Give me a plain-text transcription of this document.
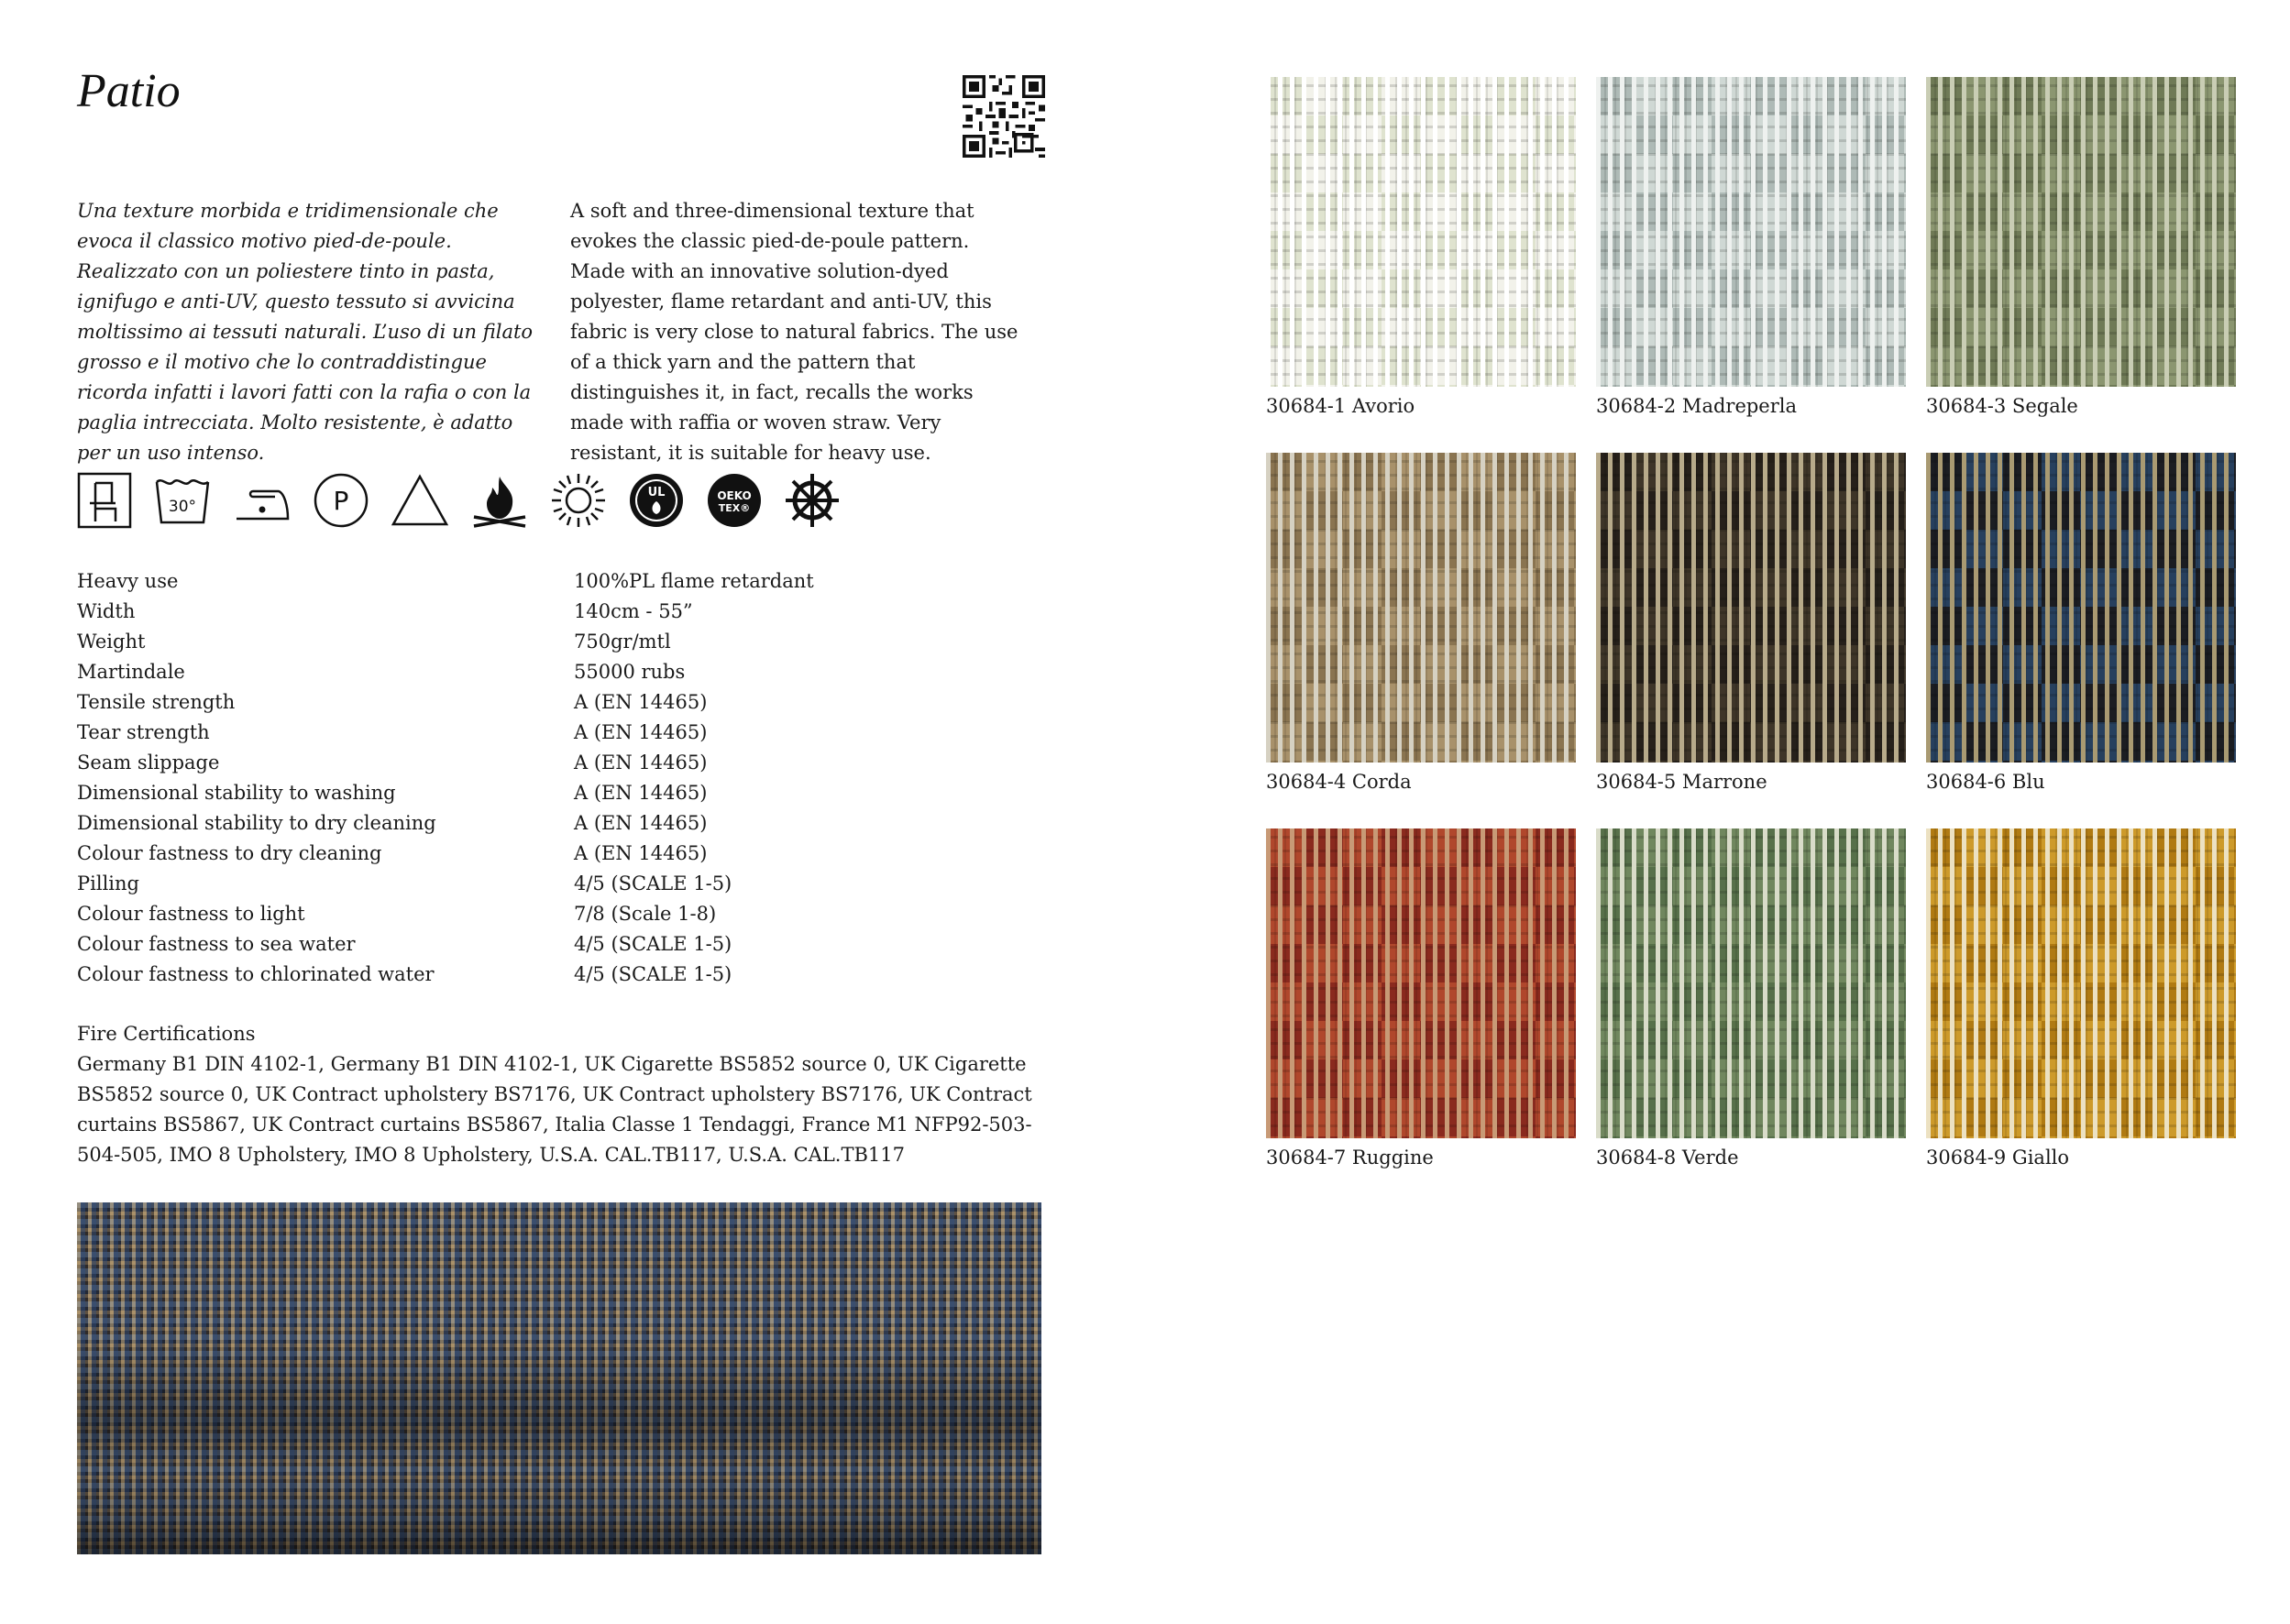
Patio

Una texture morbida e tridimensionale che evoca il classico motivo pied-de-poule. Realizzato con un poliestere tinto in pasta, ignifugo e anti-UV, questo tessuto si avvicina moltissimo ai tessuti naturali. L’uso di un filato grosso e il motivo che lo contraddistingue ricorda infatti i lavori fatti con la rafia o con la paglia intrecciata. Molto resistente, è adatto per un uso intenso.

A soft and three-dimensional texture that evokes the classic pied-de-poule pattern. Made with an innovative solution-dyed polyester, flame retardant and anti-UV, this fabric is very close to natural fabrics. The use of a thick yarn and the pattern that distinguishes it, in fact, recalls the works made with raffia or woven straw. Very resistant, it is suitable for heavy use.

30°	P	UL	OEKO
TEX®
Heavy use	100%PL flame retardant
Width	140cm - 55”
Weight	750gr/mtl
Martindale	55000 rubs
Tensile strength	A (EN 14465)
Tear strength	A (EN 14465)
Seam slippage	A (EN 14465)
Dimensional stability to washing	A (EN 14465)
Dimensional stability to dry cleaning	A (EN 14465)
Colour fastness to dry cleaning	A (EN 14465)
Pilling	4/5 (SCALE 1-5)
Colour fastness to light	7/8 (Scale 1-8)
Colour fastness to sea water	4/5 (SCALE 1-5)
Colour fastness to chlorinated water	4/5 (SCALE 1-5)
Fire Certifications

Germany B1 DIN 4102-1, Germany B1 DIN 4102-1, UK Cigarette BS5852 source 0, UK Cigarette BS5852 source 0, UK Contract upholstery BS7176, UK Contract upholstery BS7176, UK Contract curtains BS5867, UK Contract curtains BS5867, Italia Classe 1 Tendaggi, France M1 NFP92-503-504-505, IMO 8 Upholstery, IMO 8 Upholstery, U.S.A. CAL.TB117, U.S.A. CAL.TB117

30684-1 Avorio	30684-2 Madreperla	30684-3 Segale
30684-4 Corda	30684-5 Marrone	30684-6 Blu
30684-7 Ruggine	30684-8 Verde	30684-9 Giallo
